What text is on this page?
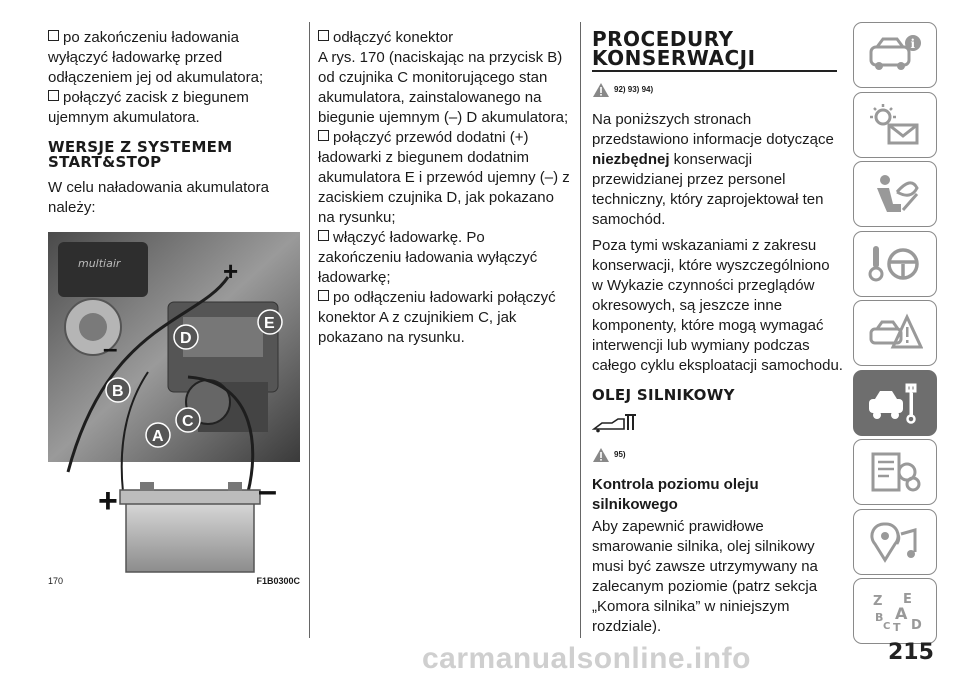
po zakończeniu ładowania wyłączyć ładowarkę przed odłączeniem jej od akumulatora;

połączyć zacisk z biegunem ujemnym akumulatora.

WERSJE Z SYSTEMEM START&STOP

W celu naładowania akumulatora należy:

multiair	+
–
E
D
B
C
A
+	–
170	F1B0300C

odłączyć konektor

A rys. 170 (naciskając na przycisk B) od czujnika C monitorującego stan akumulatora, zainstalowanego na biegunie ujemnym (–) D akumulatora;

połączyć przewód dodatni (+) ładowarki z biegunem dodatnim akumulatora E i przewód ujemny (–) z zaciskiem czujnika D, jak pokazano na rysunku;

włączyć ładowarkę. Po zakończeniu ładowania wyłączyć ładowarkę;

po odłączeniu ładowarki połączyć konektor A z czujnikiem C, jak pokazano na rysunku.

PROCEDURY
KONSERWACJI
92) 93) 94)

Na poniższych stronach przedstawiono informacje dotyczące niezbędnej konserwacji przewidzianej przez personel techniczny, który zaprojektował ten samochód.

Poza tymi wskazaniami z zakresu konserwacji, które wyszczególniono w Wykazie czynności przeglądów okresowych, są jeszcze inne komponenty, które mogą wymagać interwencji lub wymiany podczas całego cyklu eksploatacji samochodu.

OLEJ SILNIKOWY
95)

Kontrola poziomu oleju silnikowego

Aby zapewnić prawidłowe smarowanie silnika, olej silnikowy musi być zawsze utrzymywany na zalecanym poziomie (patrz sekcja „Komora silnika” w niniejszym rozdziale).

i
Z E
B A
C T D
carmanualsonline.info	215
